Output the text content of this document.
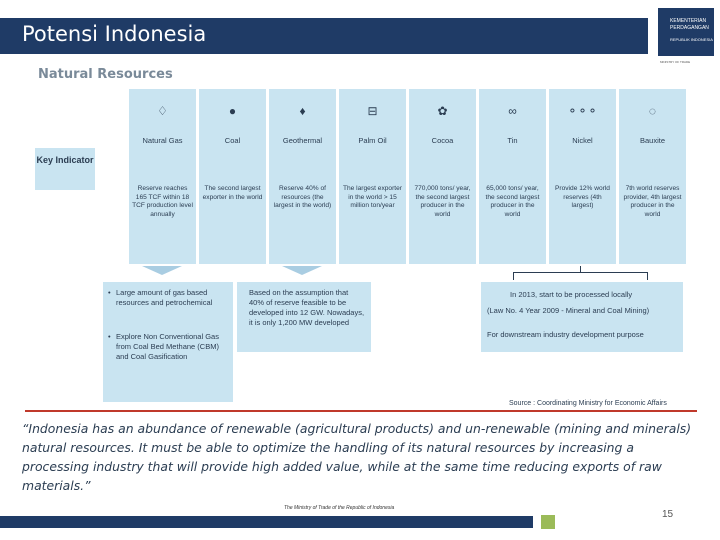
Potensi Indonesia
KEMENTERIAN
PERDAGANGAN
REPUBLIK INDONESIA
MINISTRY OF TRADE
Natural Resources
Key Indicator
♢
Natural Gas
Reserve reaches 165 TCF within 18 TCF production level annually
●
Coal
The second largest exporter in the world
♦
Geothermal
Reserve 40% of resources (the largest in the world)
⊟
Palm Oil
The largest exporter in the world > 15 million ton/year
✿
Cocoa
770,000 tons/ year, the second largest producer in the world
∞
Tin
65,000 tons/ year, the second largest producer in the world
⚬⚬⚬
Nickel
Provide 12% world reserves (4th largest)
◌
Bauxite
7th world reserves provider, 4th largest producer in the world
• Large amount of gas based resources and petrochemical
• Explore Non Conventional Gas from Coal Bed Methane (CBM) and Coal Gasification
Based on the assumption that 40% of reserve feasible to be developed into 12 GW. Nowadays, it is only 1,200 MW developed
In 2013, start to be processed locally
(Law No. 4 Year 2009 - Mineral and Coal Mining)
For downstream industry development purpose
Source : Coordinating Ministry for Economic Affairs
“Indonesia has an abundance of renewable (agricultural products) and un-renewable (mining and minerals) natural resources. It must be able to optimize the handling of its natural resources by increasing a processing industry that will provide high added value, while at the same time reducing exports of raw materials.”
The Ministry of Trade of the Republic of Indonesia
15
